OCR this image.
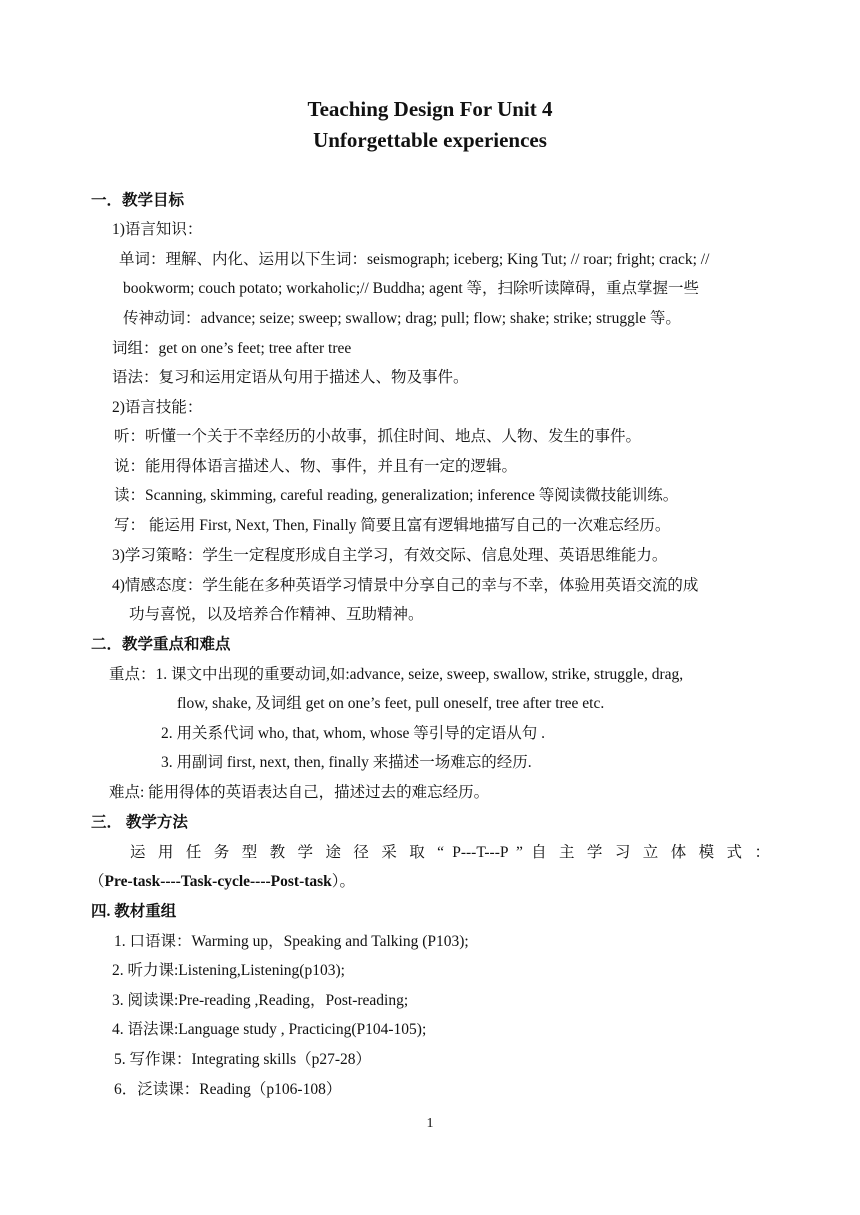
Teaching Design For Unit 4
Unforgettable experiences
一．教学目标
1)语言知识：
单词：理解、内化、运用以下生词：seismograph; iceberg; King Tut; // roar; fright; crack; //
bookworm; couch potato; workaholic;// Buddha; agent 等，扫除听读障碍，重点掌握一些
传神动词：advance; seize; sweep; swallow; drag; pull; flow; shake; strike; struggle 等。
词组：get on one’s feet; tree after tree
语法：复习和运用定语从句用于描述人、物及事件。
2)语言技能：
听：听懂一个关于不幸经历的小故事，抓住时间、地点、人物、发生的事件。
说：能用得体语言描述人、物、事件，并且有一定的逻辑。
读：Scanning, skimming, careful reading, generalization; inference 等阅读微技能训练。
写： 能运用 First, Next, Then, Finally 简要且富有逻辑地描写自己的一次难忘经历。
3)学习策略：学生一定程度形成自主学习，有效交际、信息处理、英语思维能力。
4)情感态度：学生能在多种英语学习情景中分享自己的幸与不幸，体验用英语交流的成
功与喜悦，以及培养合作精神、互助精神。
二．教学重点和难点
重点：1. 课文中出现的重要动词,如:advance, seize, sweep, swallow, strike, struggle, drag,
flow, shake, 及词组 get on one’s feet, pull oneself, tree after tree etc.
2. 用关系代词 who, that, whom, whose 等引导的定语从句 .
3. 用副词 first, next, then, finally 来描述一场难忘的经历.
难点: 能用得体的英语表达自己，描述过去的难忘经历。
三． 教学方法
运 用 任 务 型 教 学 途 径 采 取 “ P---T---P ” 自 主 学 习 立 体 模 式 ：
（Pre-task----Task-cycle----Post-task）。
四. 教材重组
1. 口语课：Warming up，Speaking and Talking (P103);
2. 听力课:Listening,Listening(p103);
3. 阅读课:Pre-reading ,Reading，Post-reading;
4. 语法课:Language study , Practicing(P104-105);
5. 写作课：Integrating skills（p27-28）
6．泛读课：Reading（p106-108）
1
